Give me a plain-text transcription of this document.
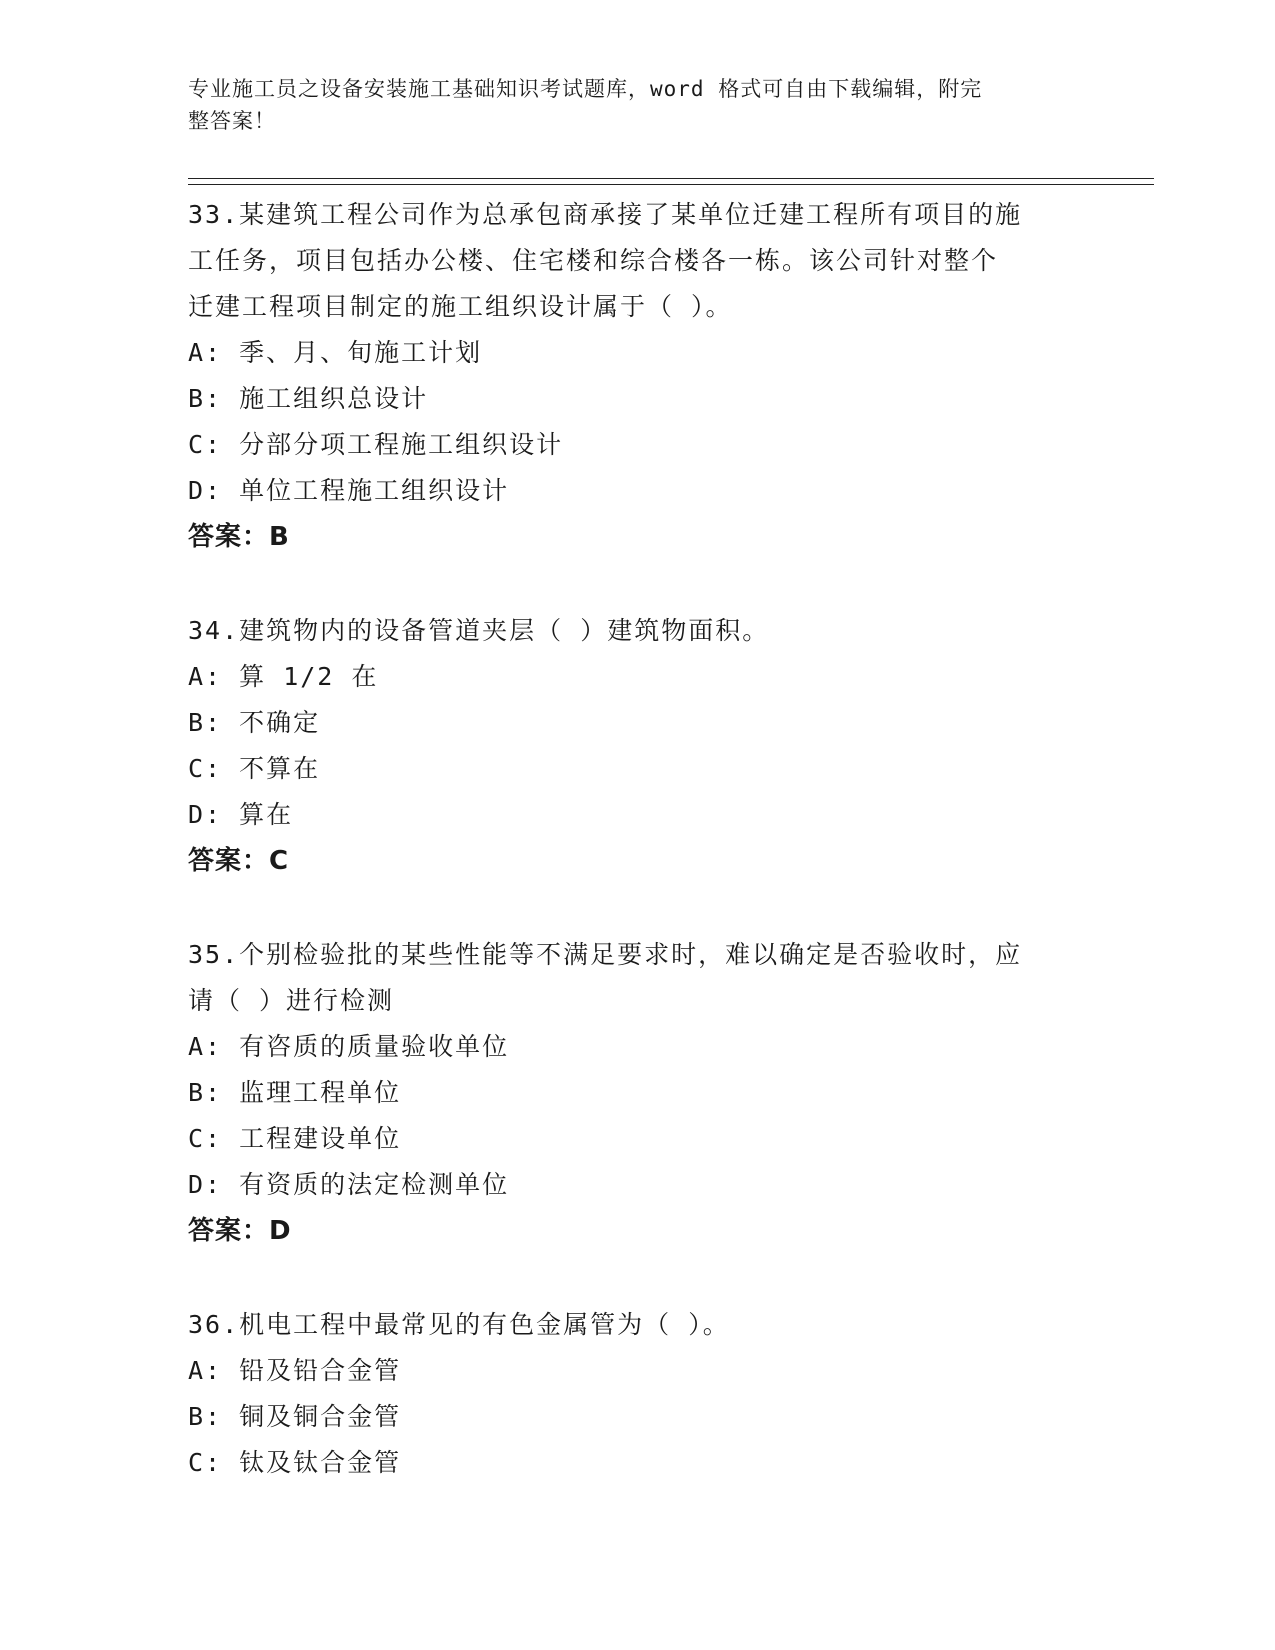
专业施工员之设备安装施工基础知识考试题库，word 格式可自由下载编辑，附完
整答案！
33.某建筑工程公司作为总承包商承接了某单位迁建工程所有项目的施
工任务，项目包括办公楼、住宅楼和综合楼各一栋。该公司针对整个
迁建工程项目制定的施工组织设计属于（ ）。
A: 季、月、旬施工计划
B: 施工组织总设计
C: 分部分项工程施工组织设计
D: 单位工程施工组织设计
答案：B
34.建筑物内的设备管道夹层（ ）建筑物面积。
A: 算 1/2 在
B: 不确定
C: 不算在
D: 算在
答案：C
35.个别检验批的某些性能等不满足要求时，难以确定是否验收时，应
请（ ）进行检测
A: 有咨质的质量验收单位
B: 监理工程单位
C: 工程建设单位
D: 有资质的法定检测单位
答案：D
36.机电工程中最常见的有色金属管为（ ）。
A: 铅及铅合金管
B: 铜及铜合金管
C: 钛及钛合金管
